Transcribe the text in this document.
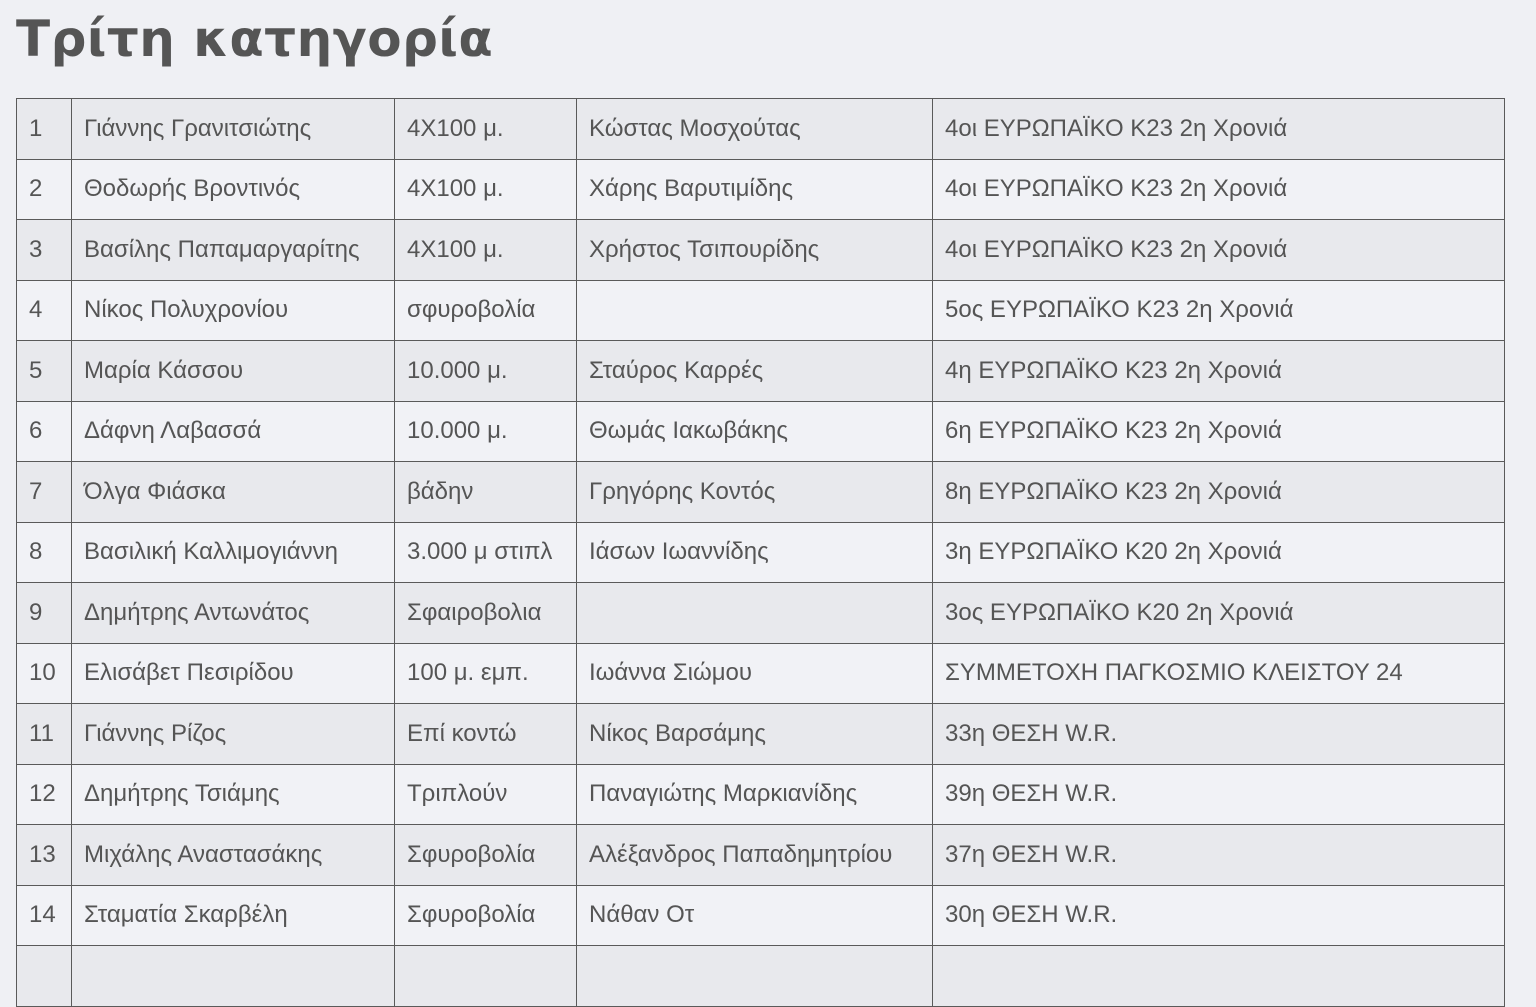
Τρίτη κατηγορία
1	Γιάννης Γρανιτσιώτης	4Χ100 μ.	Κώστας Μοσχούτας	4οι ΕΥΡΩΠΑΪΚΟ Κ23 2η Χρονιά
2	Θοδωρής Βροντινός	4Χ100 μ.	Χάρης Βαρυτιμίδης	4οι ΕΥΡΩΠΑΪΚΟ Κ23 2η Χρονιά
3	Βασίλης Παπαμαργαρίτης	4Χ100 μ.	Χρήστος Τσιπουρίδης	4οι ΕΥΡΩΠΑΪΚΟ Κ23 2η Χρονιά
4	Νίκος Πολυχρονίου	σφυροβολία		5ος ΕΥΡΩΠΑΪΚΟ Κ23 2η Χρονιά
5	Μαρία Κάσσου	10.000 μ.	Σταύρος Καρρές	4η ΕΥΡΩΠΑΪΚΟ Κ23 2η Χρονιά
6	Δάφνη Λαβασσά	10.000 μ.	Θωμάς Ιακωβάκης	6η ΕΥΡΩΠΑΪΚΟ Κ23 2η Χρονιά
7	Όλγα Φιάσκα	βάδην	Γρηγόρης Κοντός	8η ΕΥΡΩΠΑΪΚΟ Κ23 2η Χρονιά
8	Βασιλική Καλλιμογιάννη	3.000 μ στιπλ	Ιάσων Ιωαννίδης	3η ΕΥΡΩΠΑΪΚΟ Κ20 2η Χρονιά
9	Δημήτρης Αντωνάτος	Σφαιροβολια		3ος ΕΥΡΩΠΑΪΚΟ Κ20 2η Χρονιά
10	Ελισάβετ Πεσιρίδου	100 μ. εμπ.	Ιωάννα Σιώμου	ΣΥΜΜΕΤΟΧΗ ΠΑΓΚΟΣΜΙΟ ΚΛΕΙΣΤΟΥ 24
11	Γιάννης Ρίζος	Επί κοντώ	Νίκος Βαρσάμης	33η ΘΕΣΗ W.R.
12	Δημήτρης Τσιάμης	Τριπλούν	Παναγιώτης Μαρκιανίδης	39η ΘΕΣΗ W.R.
13	Μιχάλης Αναστασάκης	Σφυροβολία	Αλέξανδρος Παπαδημητρίου	37η ΘΕΣΗ W.R.
14	Σταματία Σκαρβέλη	Σφυροβολία	Νάθαν Οτ	30η ΘΕΣΗ W.R.
